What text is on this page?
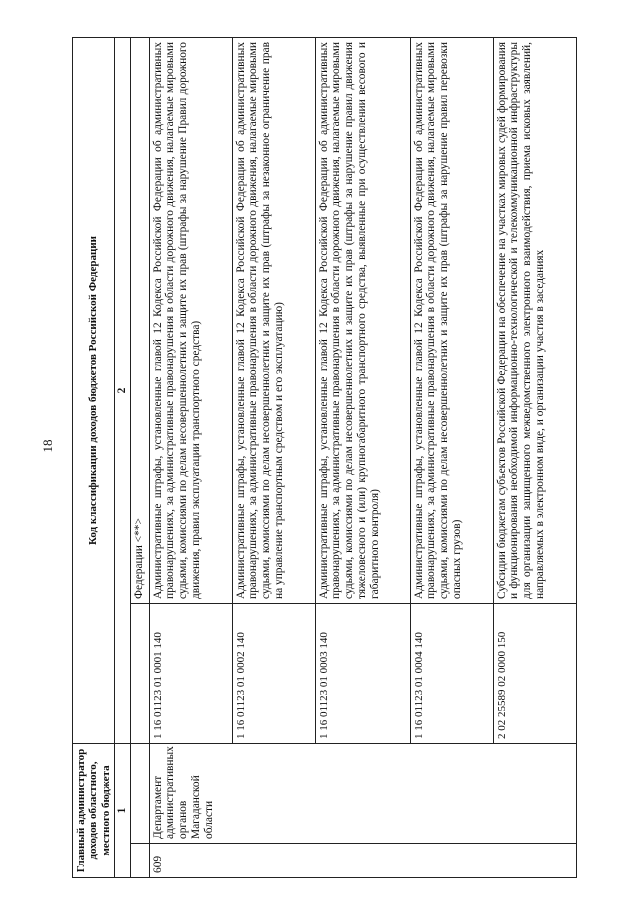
18
Главный администратор доходов областного, местного бюджета		Код классификации доходов бюджетов Российской Федерации	
1		2	
			Федерации <**>
609	Департамент административных органов Магаданской области	1 16 01123 01 0001 140	Административные штрафы, установленные главой 12 Кодекса Российской Федерации об административных правонарушениях, за административные правонарушения в области дорожного движения, налагаемые мировыми судьями, комиссиями по делам несовершеннолетних и защите их прав (штрафы за нарушение Правил дорожного движения, правил эксплуатации транспортного средства)
		1 16 01123 01 0002 140	Административные штрафы, установленные главой 12 Кодекса Российской Федерации об административных правонарушениях, за административные правонарушения в области дорожного движения, налагаемые мировыми судьями, комиссиями по делам несовершеннолетних и защите их прав (штрафы за незаконное ограничение прав на управление транспортным средством и его эксплуатацию)
		1 16 01123 01 0003 140	Административные штрафы, установленные главой 12 Кодекса Российской Федерации об административных правонарушениях, за административные правонарушения в области дорожного движения, налагаемые мировыми судьями, комиссиями по делам несовершеннолетних и защите их прав (штрафы за нарушение правил движения тяжеловесного и (или) крупногабаритного транспортного средства, выявленные при осуществлении весового и габаритного контроля)
		1 16 01123 01 0004 140	Административные штрафы, установленные главой 12 Кодекса Российской Федерации об административных правонарушениях, за административные правонарушения в области дорожного движения, налагаемые мировыми судьями, комиссиями по делам несовершеннолетних и защите их прав (штрафы за нарушение правил перевозки опасных грузов)
		2 02 25589 02 0000 150	Субсидии бюджетам субъектов Российской Федерации на обеспечение на участках мировых судей формирования и функционирования необходимой информационно-технологической и телекоммуникационной инфраструктуры для организации защищенного межведомственного электронного взаимодействия, приема исковых заявлений, направляемых в электронном виде, и организации участия в заседаниях
